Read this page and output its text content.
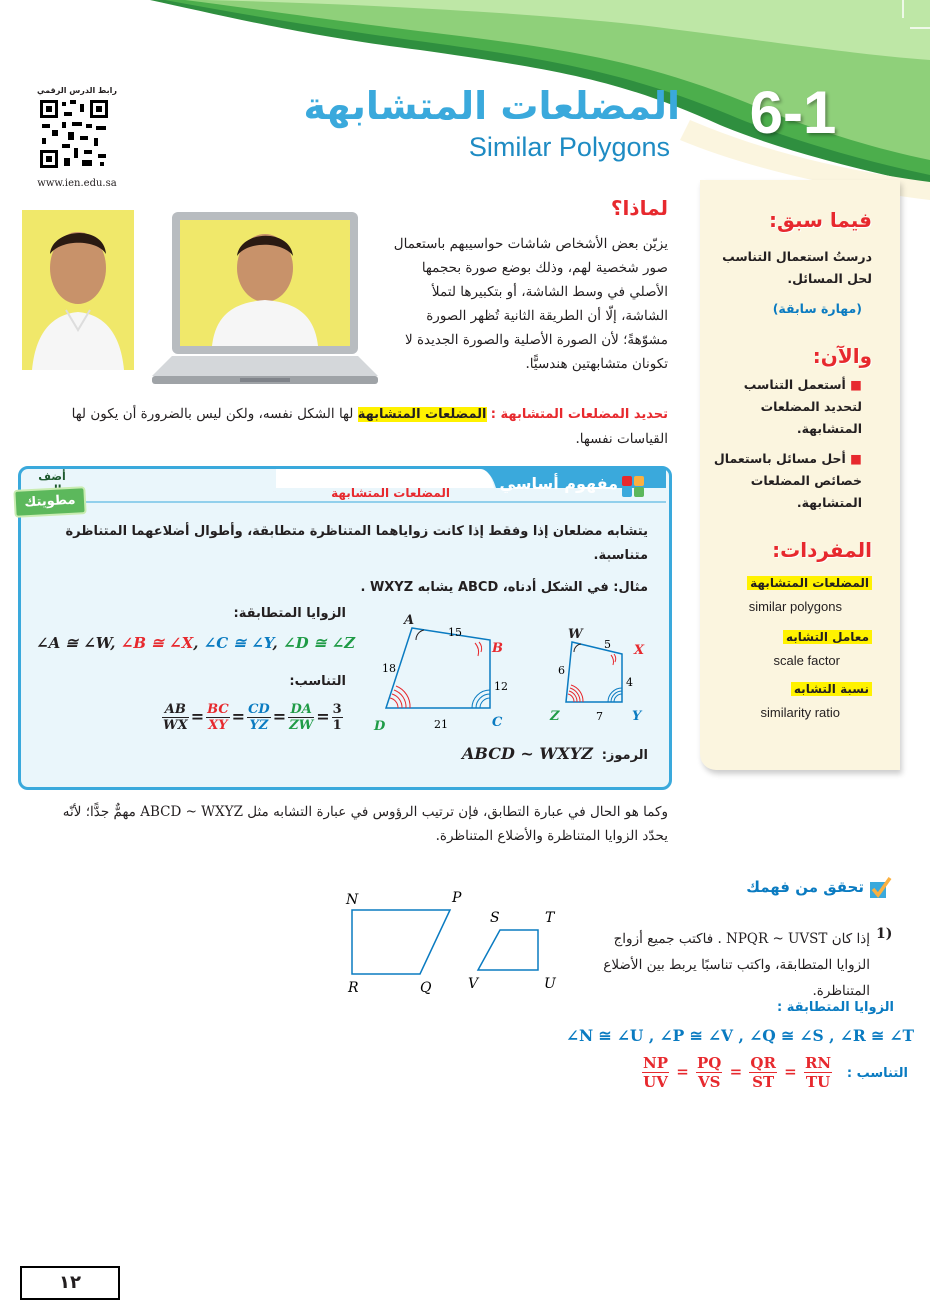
6-1
المضلعات المتشابهة
Similar Polygons
رابط الدرس الرقمي
www.ien.edu.sa
فيما سبق:
درستُ استعمال التناسب لحل المسائل.
(مهارة سابقة)
والآن:
■ أستعمل التناسب لتحديد المضلعات المتشابهة.
■ أحل مسائل باستعمال خصائص المضلعات المتشابهة.
المفردات:
المضلعات المتشابهة
similar polygons
معامل التشابه
scale factor
نسبة التشابه
similarity ratio
لماذا؟
يزيّن بعض الأشخاص شاشات حواسيبهم باستعمال صور شخصية لهم، وذلك بوضع صورة بحجمها الأصلي في وسط الشاشة، أو بتكبيرها لتملأ الشاشة، إلّا أن الطريقة الثانية تُظهر الصورة مشوّهةً؛ لأن الصورة الأصلية والصورة الجديدة لا تكونان متشابهتين هندسيًّا.
تحديد المضلعات المتشابهة : المضلعات المتشابهة لها الشكل نفسه، ولكن ليس بالضرورة أن يكون لها القياسات نفسها.
مفهوم أساسي
المضلعات المتشابهة
أضف
مطويتك
يتشابه مضلعان إذا وفقط إذا كانت زواياهما المتناظرة متطابقة، وأطوال أضلاعهما المتناظرة متناسبة.
مثال: في الشكل أدناه، ABCD يشابه WXYZ .
الزوايا المتطابقة:
∠A ≅ ∠W, ∠B ≅ ∠X, ∠C ≅ ∠Y, ∠D ≅ ∠Z
التناسب:
$\frac{AB}{WX} = \frac{BC}{XY} = \frac{CD}{YZ} = \frac{DA}{ZW} = \frac{3}{1}$
الرموز:
ABCD ~ WXYZ
A
B
C
D
W
X
Y
Z
15
12
21
18
5
4
7
6
وكما هو الحال في عبارة التطابق، فإن ترتيب الرؤوس في عبارة التشابه مثل ABCD ~ WXYZ مهمٌّ جدًّا؛ لأنّه يحدّد الزوايا المتناظرة والأضلاع المتناظرة.
تحقق من فهمك
إذا كان NPQR ~ UVST . فاكتب جميع أزواج الزوايا المتطابقة، واكتب تناسبًا يربط بين الأضلاع المتناظرة.
1)
N	P
Q
R
S	T
U
V
الزوايا المتطابقة :
∠N ≅ ∠U , ∠P ≅ ∠V , ∠Q ≅ ∠S , ∠R ≅ ∠T
التناسب :
$\frac{NP}{UV} = \frac{PQ}{VS} = \frac{QR}{ST} = \frac{RN}{TU}$
١٢
